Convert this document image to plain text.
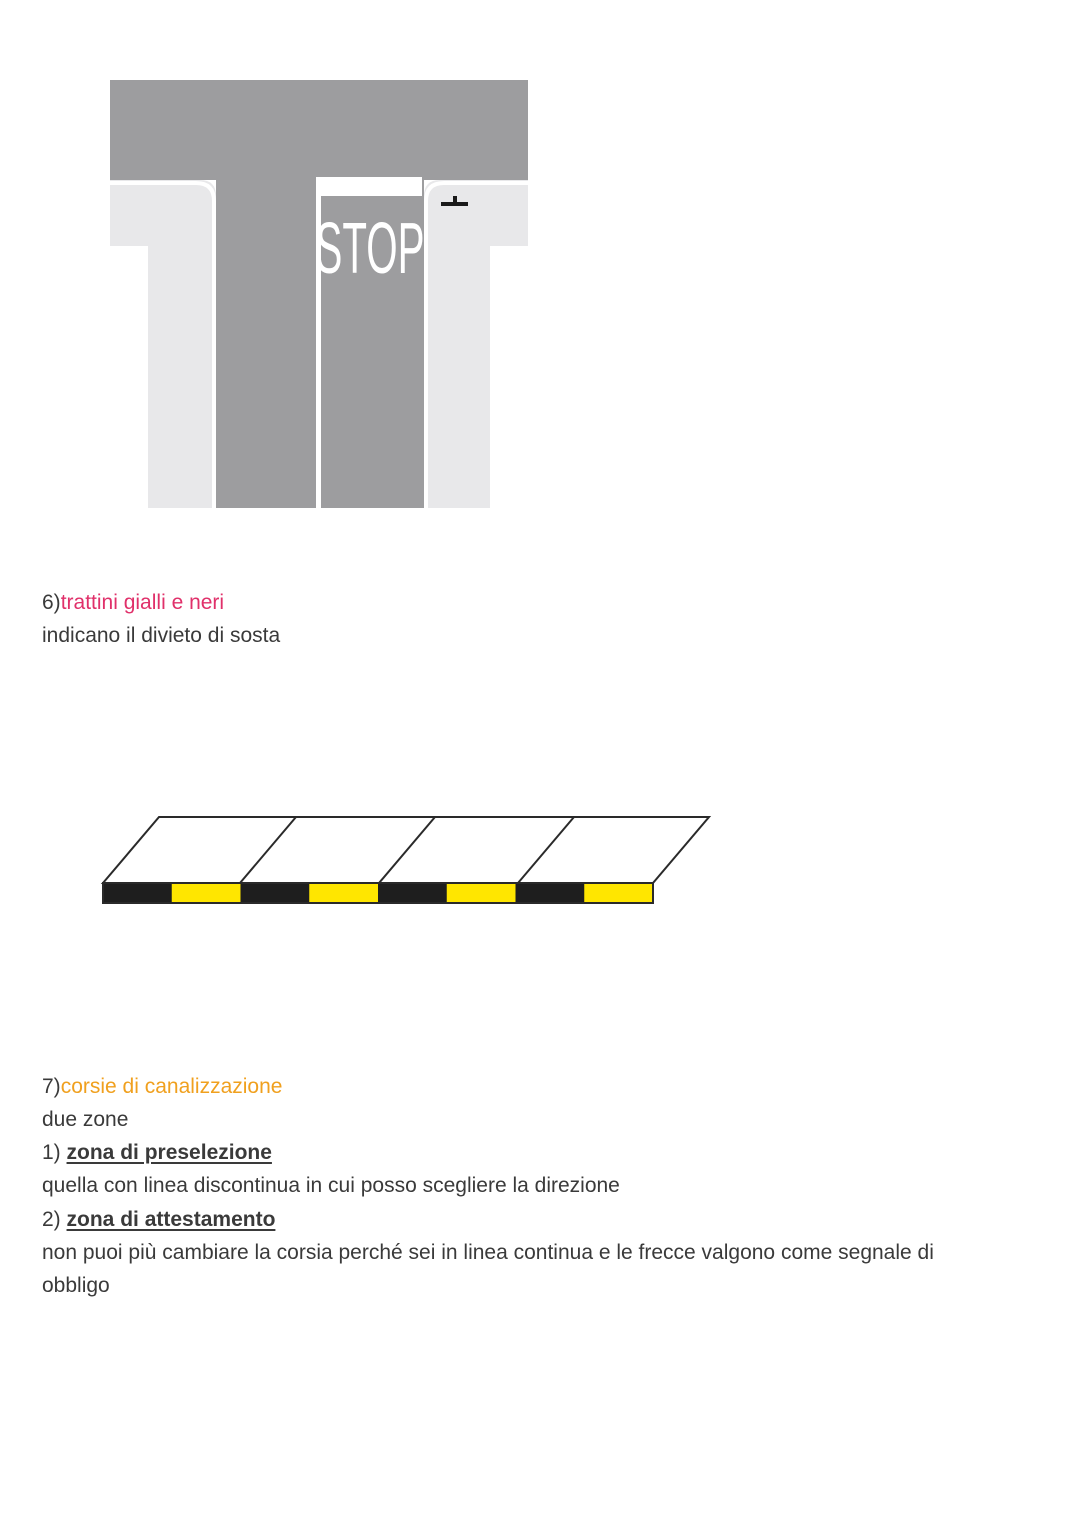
STOP
6)trattini gialli e neri
indicano il divieto di sosta
7)corsie di canalizzazione
due zone
1) zona di preselezione
quella con linea discontinua in cui posso scegliere la direzione
2) zona di attestamento
non puoi più cambiare la corsia perché sei in linea continua e le frecce valgono come segnale di
obbligo
